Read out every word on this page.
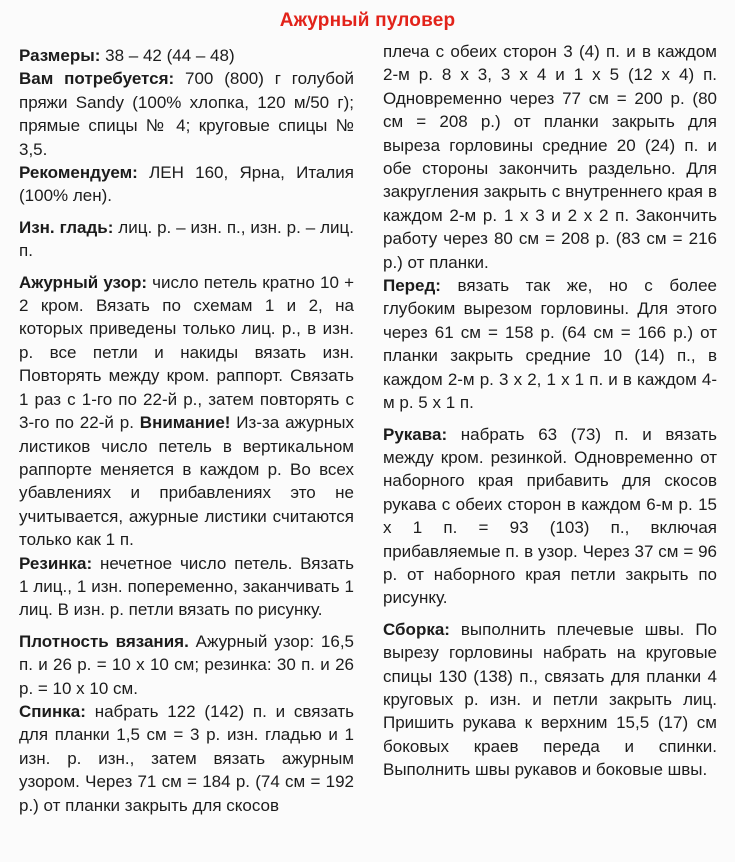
Ажурный пуловер

Размеры: 38 – 42 (44 – 48)

Вам потребуется: 700 (800) г голубой пряжи Sandy (100% хлопка, 120 м/50 г); прямые спицы № 4; круговые спицы № 3,5.

Рекомендуем: ЛЕН 160, Ярна, Италия (100% лен).

Изн. гладь: лиц. р. – изн. п., изн. р. – лиц. п.

Ажурный узор: число петель кратно 10 + 2 кром. Вязать по схемам 1 и 2, на которых приведены только лиц. р., в изн. р. все петли и накиды вязать изн. Повторять между кром. раппорт. Связать 1 раз с 1-го по 22-й р., затем повторять с 3-го по 22-й р. Внимание! Из-за ажурных листиков число петель в вертикальном раппорте меняется в каждом р. Во всех убавлениях и прибавлениях это не учитывается, ажурные листики считаются только как 1 п.

Резинка: нечетное число петель. Вязать 1 лиц., 1 изн. попеременно, заканчивать 1 лиц. В изн. р. петли вязать по рисунку.

Плотность вязания. Ажурный узор: 16,5 п. и 26 р. = 10 х 10 см; резинка: 30 п. и 26 р. = 10 х 10 см.

Спинка: набрать 122 (142) п. и связать для планки 1,5 см = 3 р. изн. гладью и 1 изн. р. изн., затем вязать ажурным узором. Через 71 см = 184 р. (74 см = 192 р.) от планки закрыть для скосов

плеча с обеих сторон 3 (4) п. и в каждом 2-м р. 8 х 3, 3 х 4 и 1 х 5 (12 х 4) п. Одновременно через 77 см = 200 р. (80 см = 208 р.) от планки закрыть для выреза горловины средние 20 (24) п. и обе стороны закончить раздельно. Для закругления закрыть с внутреннего края в каждом 2-м р. 1 х 3 и 2 х 2 п. Закончить работу через 80 см = 208 р. (83 см = 216 р.) от планки.

Перед: вязать так же, но с более глубоким вырезом горловины. Для этого через 61 см = 158 р. (64 см = 166 р.) от планки закрыть средние 10 (14) п., в каждом 2-м р. 3 х 2, 1 х 1 п. и в каждом 4-м р. 5 х 1 п.

Рукава: набрать 63 (73) п. и вязать между кром. резинкой. Одновременно от наборного края прибавить для скосов рукава с обеих сторон в каждом 6-м р. 15 х 1 п. = 93 (103) п., включая прибавляемые п. в узор. Через 37 см = 96 р. от наборного края петли закрыть по рисунку.

Сборка: выполнить плечевые швы. По вырезу горловины набрать на круговые спицы 130 (138) п., связать для планки 4 круговых р. изн. и петли закрыть лиц. Пришить рукава к верхним 15,5 (17) см боковых краев переда и спинки. Выполнить швы рукавов и боковые швы.
